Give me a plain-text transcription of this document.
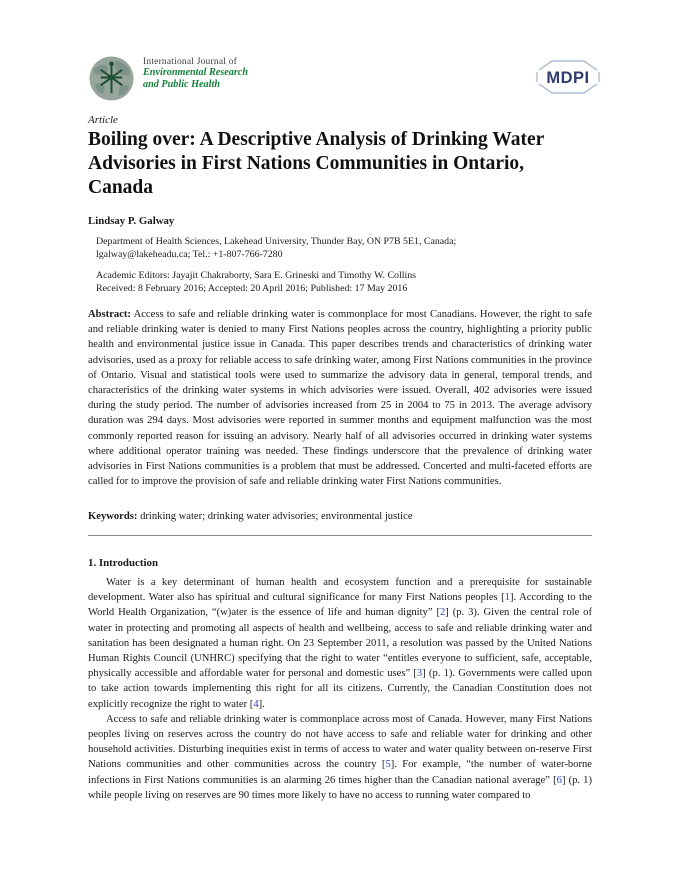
International Journal of
Environmental Research
and Public Health	MDPI
Article
Boiling over: A Descriptive Analysis of Drinking Water Advisories in First Nations Communities in Ontario, Canada
Lindsay P. Galway
Department of Health Sciences, Lakehead University, Thunder Bay, ON P7B 5E1, Canada;
lgalway@lakeheadu.ca; Tel.: +1-807-766-7280
Academic Editors: Jayajit Chakraborty, Sara E. Grineski and Timothy W. Collins
Received: 8 February 2016; Accepted: 20 April 2016; Published: 17 May 2016

Abstract: Access to safe and reliable drinking water is commonplace for most Canadians. However, the right to safe and reliable drinking water is denied to many First Nations peoples across the country, highlighting a priority public health and environmental justice issue in Canada. This paper describes trends and characteristics of drinking water advisories, used as a proxy for reliable access to safe drinking water, among First Nations communities in the province of Ontario. Visual and statistical tools were used to summarize the advisory data in general, temporal trends, and characteristics of the drinking water systems in which advisories were issued. Overall, 402 advisories were issued during the study period. The number of advisories increased from 25 in 2004 to 75 in 2013. The average advisory duration was 294 days. Most advisories were reported in summer months and equipment malfunction was the most commonly reported reason for issuing an advisory. Nearly half of all advisories occurred in drinking water systems where additional operator training was needed. These findings underscore that the prevalence of drinking water advisories in First Nations communities is a problem that must be addressed. Concerted and multi-faceted efforts are called for to improve the provision of safe and reliable drinking water First Nations communities.

Keywords: drinking water; drinking water advisories; environmental justice

1. Introduction

Water is a key determinant of human health and ecosystem function and a prerequisite for sustainable development. Water also has spiritual and cultural significance for many First Nations peoples [1]. According to the World Health Organization, “(w)ater is the essence of life and human dignity” [2] (p. 3). Given the central role of water in protecting and promoting all aspects of health and wellbeing, access to safe and reliable drinking water and sanitation has been designated a human right. On 23 September 2011, a resolution was passed by the United Nations Human Rights Council (UNHRC) specifying that the right to water “entitles everyone to sufficient, safe, acceptable, physically accessible and affordable water for personal and domestic uses” [3] (p. 1). Governments were called upon to take action towards implementing this right for all its citizens. Currently, the Canadian Constitution does not explicitly recognize the right to water [4].

Access to safe and reliable drinking water is commonplace across most of Canada. However, many First Nations peoples living on reserves across the country do not have access to safe and reliable water for drinking and other household activities. Disturbing inequities exist in terms of access to water and water quality between on-reserve First Nations communities and other communities across the country [5]. For example, “the number of water-borne infections in First Nations communities is an alarming 26 times higher than the Canadian national average” [6] (p. 1) while people living on reserves are 90 times more likely to have no access to running water compared to
